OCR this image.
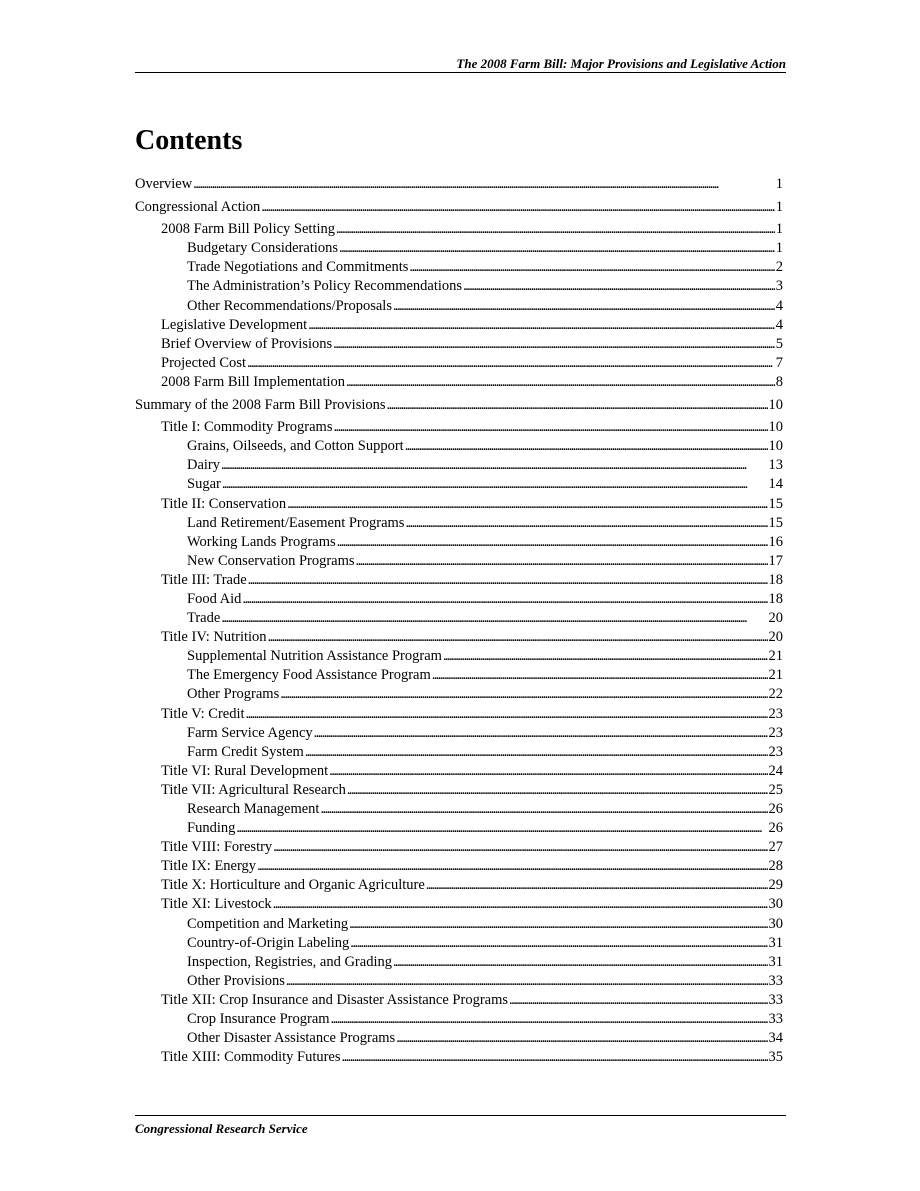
The 2008 Farm Bill: Major Provisions and Legislative Action
Contents
Overview . . .	1
Congressional Action . . .	1
2008 Farm Bill Policy Setting . . .	1
Budgetary Considerations . . .	1
Trade Negotiations and Commitments . . .	2
The Administration’s Policy Recommendations . . .	3
Other Recommendations/Proposals . . .	4
Legislative Development . . .	4
Brief Overview of Provisions . . .	5
Projected Cost . . .	7
2008 Farm Bill Implementation . . .	8
Summary of the 2008 Farm Bill Provisions . . .	10
Title I: Commodity Programs . . .	10
Grains, Oilseeds, and Cotton Support . . .	10
Dairy . . .	13
Sugar . . .	14
Title II: Conservation . . .	15
Land Retirement/Easement Programs . . .	15
Working Lands Programs . . .	16
New Conservation Programs . . .	17
Title III: Trade . . .	18
Food Aid . . .	18
Trade . . .	20
Title IV: Nutrition . . .	20
Supplemental Nutrition Assistance Program . . .	21
The Emergency Food Assistance Program . . .	21
Other Programs . . .	22
Title V: Credit . . .	23
Farm Service Agency . . .	23
Farm Credit System . . .	23
Title VI: Rural Development . . .	24
Title VII: Agricultural Research . . .	25
Research Management . . .	26
Funding . . .	26
Title VIII: Forestry . . .	27
Title IX: Energy . . .	28
Title X: Horticulture and Organic Agriculture . . .	29
Title XI: Livestock . . .	30
Competition and Marketing . . .	30
Country-of-Origin Labeling . . .	31
Inspection, Registries, and Grading . . .	31
Other Provisions . . .	33
Title XII: Crop Insurance and Disaster Assistance Programs . . .	33
Crop Insurance Program . . .	33
Other Disaster Assistance Programs . . .	34
Title XIII: Commodity Futures . . .	35
Congressional Research Service
